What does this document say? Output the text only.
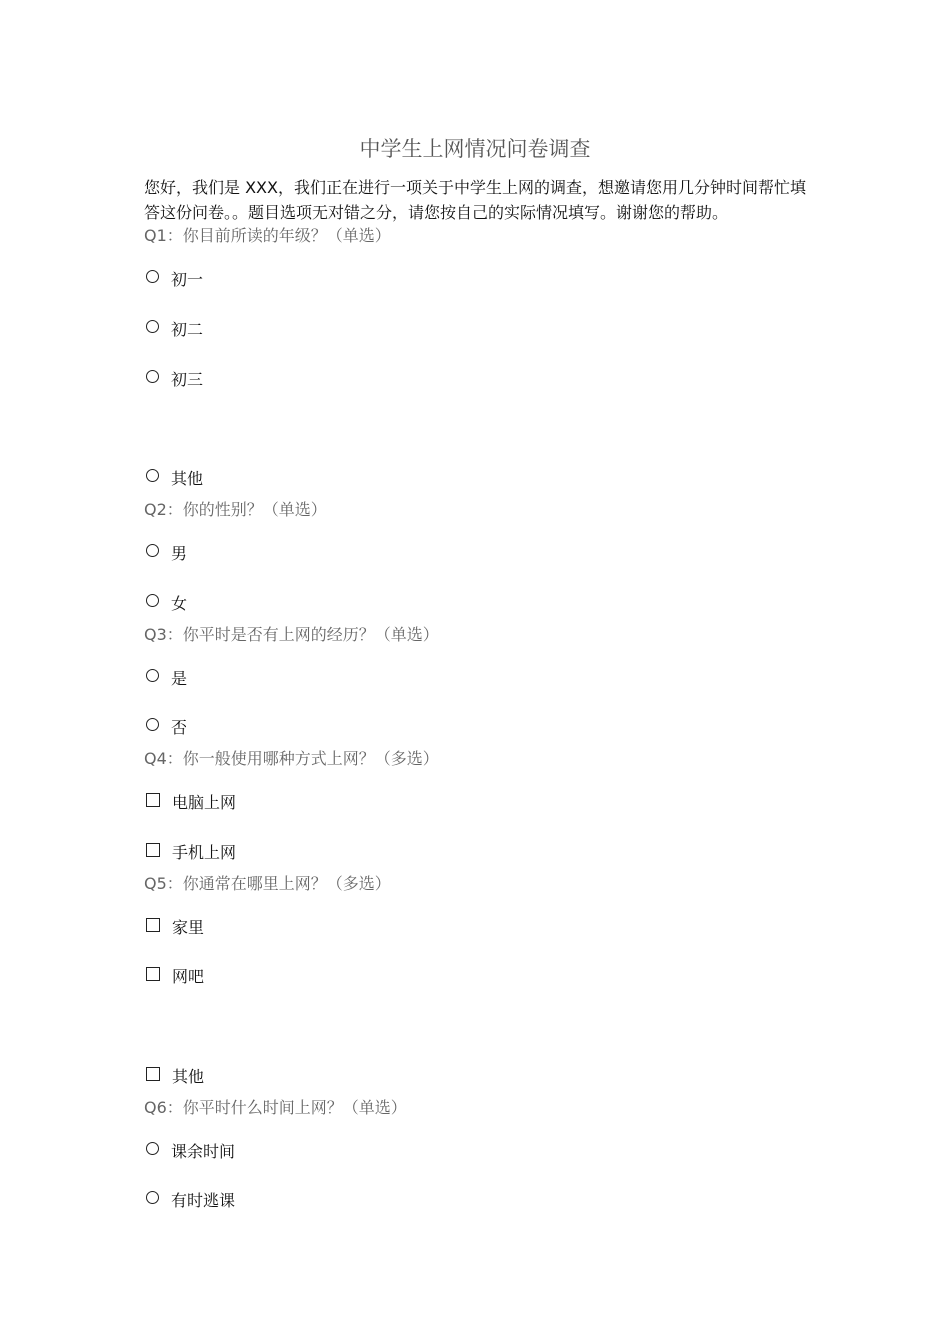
中学生上网情况问卷调查
您好，我们是 XXX，我们正在进行一项关于中学生上网的调查，想邀请您用几分钟时间帮忙填答这份问卷。。题目选项无对错之分，请您按自己的实际情况填写。谢谢您的帮助。
Q1：你目前所读的年级？（单选）
初一
初二
初三
其他
Q2：你的性别？（单选）
男
女
Q3：你平时是否有上网的经历？（单选）
是
否
Q4：你一般使用哪种方式上网？（多选）
电脑上网
手机上网
Q5：你通常在哪里上网？（多选）
家里
网吧
其他
Q6：你平时什么时间上网？（单选）
课余时间
有时逃课
